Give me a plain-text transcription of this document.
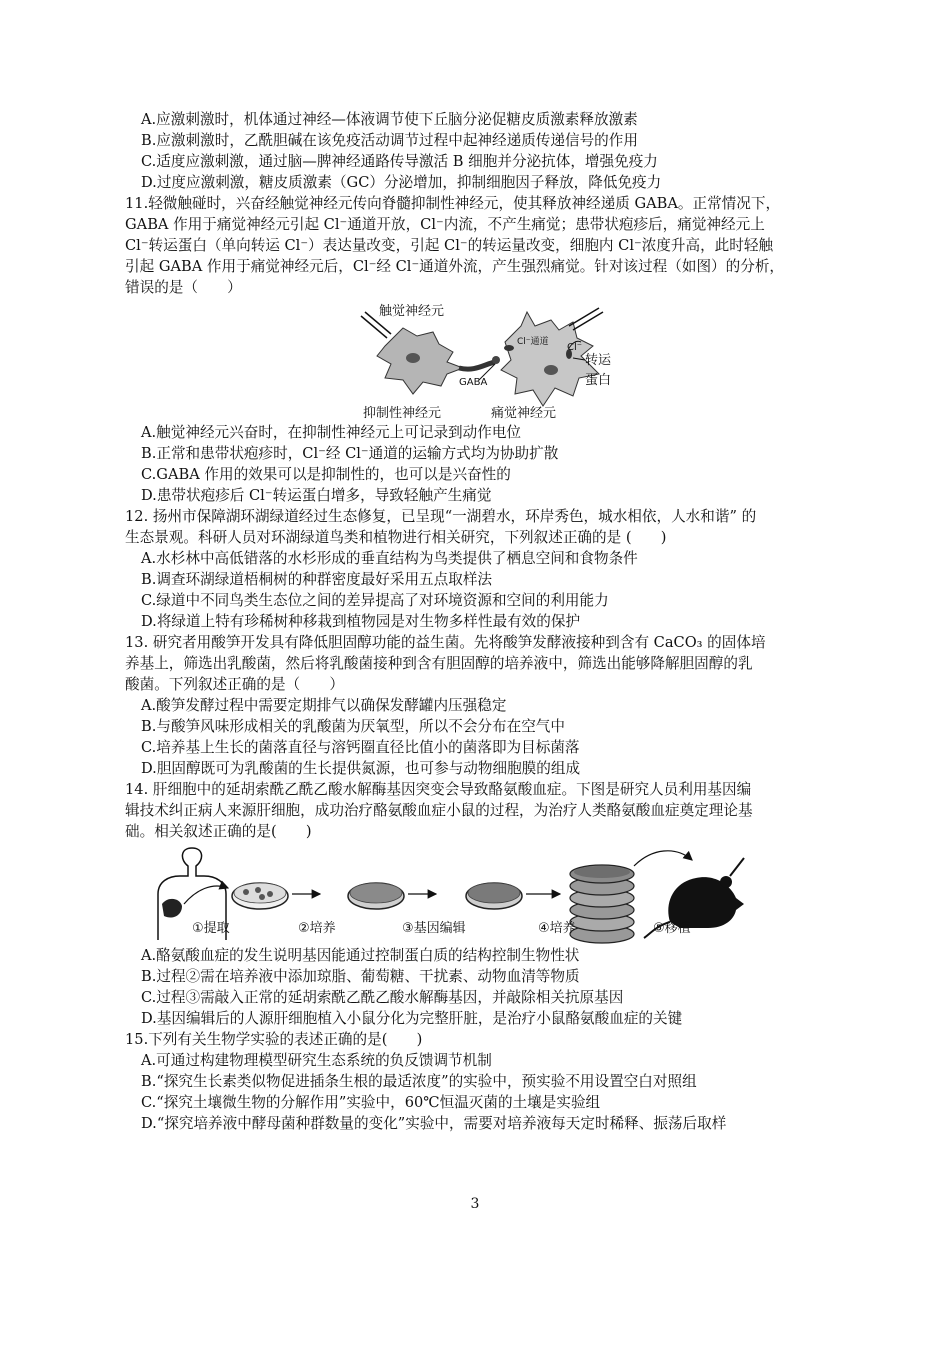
A.应激刺激时，机体通过神经—体液调节使下丘脑分泌促糖皮质激素释放激素
B.应激刺激时，乙酰胆碱在该免疫活动调节过程中起神经递质传递信号的作用
C.适度应激刺激，通过脑—脾神经通路传导激活 B 细胞并分泌抗体，增强免疫力
D.过度应激刺激，糖皮质激素（GC）分泌增加，抑制细胞因子释放，降低免疫力
11.轻微触碰时，兴奋经触觉神经元传向脊髓抑制性神经元，使其释放神经递质 GABA。正常情况下，
GABA 作用于痛觉神经元引起 Cl⁻通道开放，Cl⁻内流，不产生痛觉；患带状疱疹后，痛觉神经元上
Cl⁻转运蛋白（单向转运 Cl⁻）表达量改变，引起 Cl⁻的转运量改变，细胞内 Cl⁻浓度升高，此时轻触
引起 GABA 作用于痛觉神经元后，Cl⁻经 Cl⁻通道外流，产生强烈痛觉。针对该过程（如图）的分析，
错误的是（　　）
触觉神经元
Cl⁻通道 Cl⁻
转运
蛋白
GABA
抑制性神经元	痛觉神经元
A.触觉神经元兴奋时，在抑制性神经元上可记录到动作电位
B.正常和患带状疱疹时，Cl⁻经 Cl⁻通道的运输方式均为协助扩散
C.GABA 作用的效果可以是抑制性的，也可以是兴奋性的
D.患带状疱疹后 Cl⁻转运蛋白增多，导致轻触产生痛觉
12. 扬州市保障湖环湖绿道经过生态修复，已呈现“一湖碧水，环岸秀色，城水相依，人水和谐” 的
生态景观。科研人员对环湖绿道鸟类和植物进行相关研究，下列叙述正确的是 (　　)
A.水杉林中高低错落的水杉形成的垂直结构为鸟类提供了栖息空间和食物条件
B.调查环湖绿道梧桐树的种群密度最好采用五点取样法
C.绿道中不同鸟类生态位之间的差异提高了对环境资源和空间的利用能力
D.将绿道上特有珍稀树种移栽到植物园是对生物多样性最有效的保护
13. 研究者用酸笋开发具有降低胆固醇功能的益生菌。先将酸笋发酵液接种到含有 CaCO₃ 的固体培
养基上，筛选出乳酸菌，然后将乳酸菌接种到含有胆固醇的培养液中，筛选出能够降解胆固醇的乳
酸菌。下列叙述正确的是（　　）
A.酸笋发酵过程中需要定期排气以确保发酵罐内压强稳定
B.与酸笋风味形成相关的乳酸菌为厌氧型，所以不会分布在空气中
C.培养基上生长的菌落直径与溶钙圈直径比值小的菌落即为目标菌落
D.胆固醇既可为乳酸菌的生长提供氮源，也可参与动物细胞膜的组成
14. 肝细胞中的延胡索酰乙酰乙酸水解酶基因突变会导致酪氨酸血症。下图是研究人员利用基因编
辑技术纠正病人来源肝细胞，成功治疗酪氨酸血症小鼠的过程，为治疗人类酪氨酸血症奠定理论基
础。相关叙述正确的是(　　)
①提取	②培养	③基因编辑	④培养	⑤移植
A.酪氨酸血症的发生说明基因能通过控制蛋白质的结构控制生物性状
B.过程②需在培养液中添加琼脂、葡萄糖、干扰素、动物血清等物质
C.过程③需敲入正常的延胡索酰乙酰乙酸水解酶基因，并敲除相关抗原基因
D.基因编辑后的人源肝细胞植入小鼠分化为完整肝脏，是治疗小鼠酪氨酸血症的关键
15.下列有关生物学实验的表述正确的是(　　)
A.可通过构建物理模型研究生态系统的负反馈调节机制
B.“探究生长素类似物促进插条生根的最适浓度”的实验中，预实验不用设置空白对照组
C.“探究土壤微生物的分解作用”实验中，60℃恒温灭菌的土壤是实验组
D.“探究培养液中酵母菌种群数量的变化”实验中，需要对培养液每天定时稀释、振荡后取样
3
